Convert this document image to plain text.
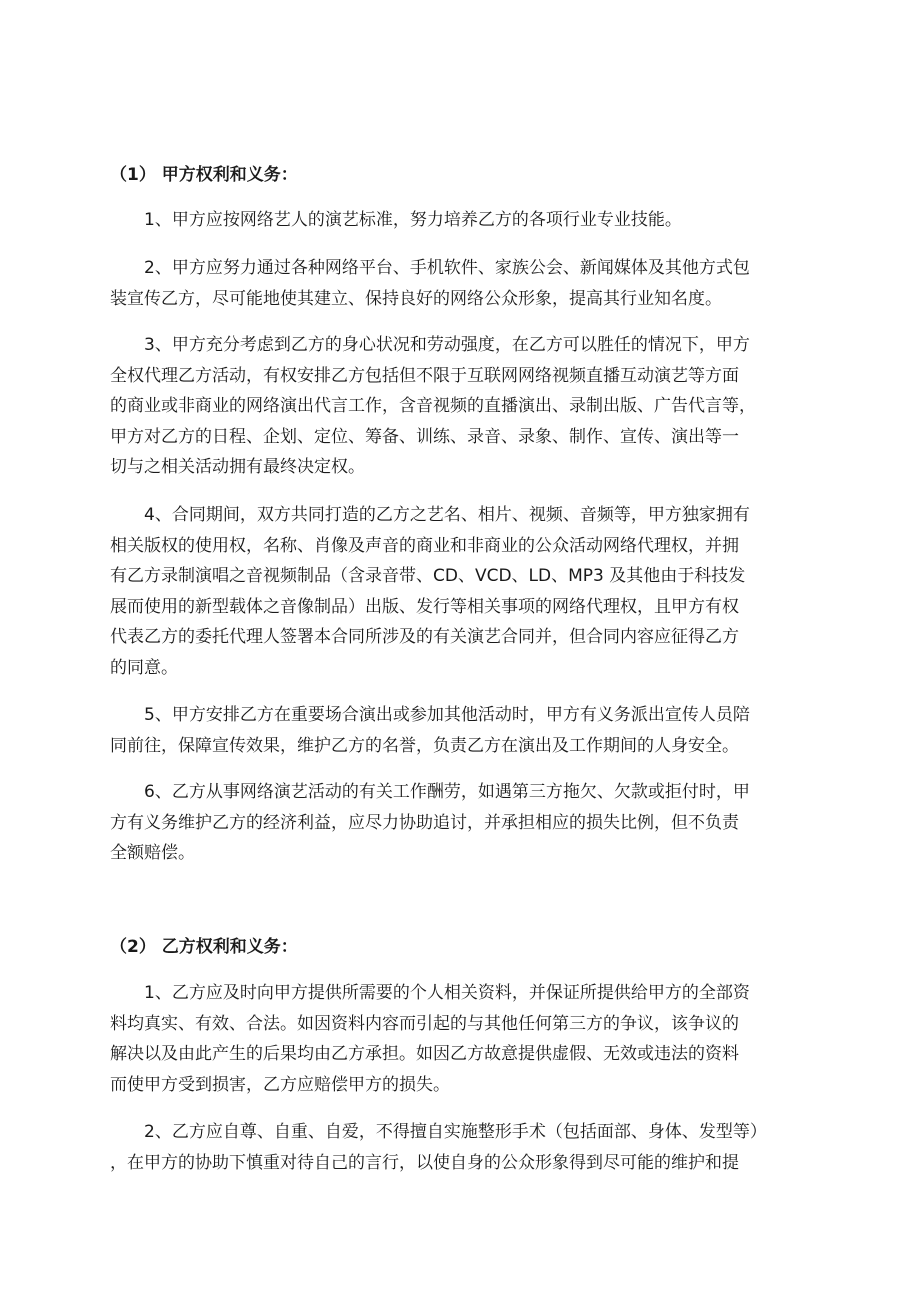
（1） 甲方权利和义务：
1、甲方应按网络艺人的演艺标准，努力培养乙方的各项行业专业技能。
2、甲方应努力通过各种网络平台、手机软件、家族公会、新闻媒体及其他方式包
装宣传乙方，尽可能地使其建立、保持良好的网络公众形象，提高其行业知名度。
3、甲方充分考虑到乙方的身心状况和劳动强度，在乙方可以胜任的情况下，甲方
全权代理乙方活动，有权安排乙方包括但不限于互联网网络视频直播互动演艺等方面
的商业或非商业的网络演出代言工作，含音视频的直播演出、录制出版、广告代言等，
甲方对乙方的日程、企划、定位、筹备、训练、录音、录象、制作、宣传、演出等一
切与之相关活动拥有最终决定权。
4、合同期间，双方共同打造的乙方之艺名、相片、视频、音频等，甲方独家拥有
相关版权的使用权，名称、肖像及声音的商业和非商业的公众活动网络代理权，并拥
有乙方录制演唱之音视频制品（含录音带、CD、VCD、LD、MP3 及其他由于科技发
展而使用的新型载体之音像制品）出版、发行等相关事项的网络代理权，且甲方有权
代表乙方的委托代理人签署本合同所涉及的有关演艺合同并，但合同内容应征得乙方
的同意。
5、甲方安排乙方在重要场合演出或参加其他活动时，甲方有义务派出宣传人员陪
同前往，保障宣传效果，维护乙方的名誉，负责乙方在演出及工作期间的人身安全。
6、乙方从事网络演艺活动的有关工作酬劳，如遇第三方拖欠、欠款或拒付时，甲
方有义务维护乙方的经济利益，应尽力协助追讨，并承担相应的损失比例，但不负责
全额赔偿。
（2） 乙方权利和义务：
1、乙方应及时向甲方提供所需要的个人相关资料，并保证所提供给甲方的全部资
料均真实、有效、合法。如因资料内容而引起的与其他任何第三方的争议，该争议的
解决以及由此产生的后果均由乙方承担。如因乙方故意提供虚假、无效或违法的资料
而使甲方受到损害，乙方应赔偿甲方的损失。
2、乙方应自尊、自重、自爱，不得擅自实施整形手术（包括面部、身体、发型等）
，在甲方的协助下慎重对待自己的言行，以使自身的公众形象得到尽可能的维护和提
